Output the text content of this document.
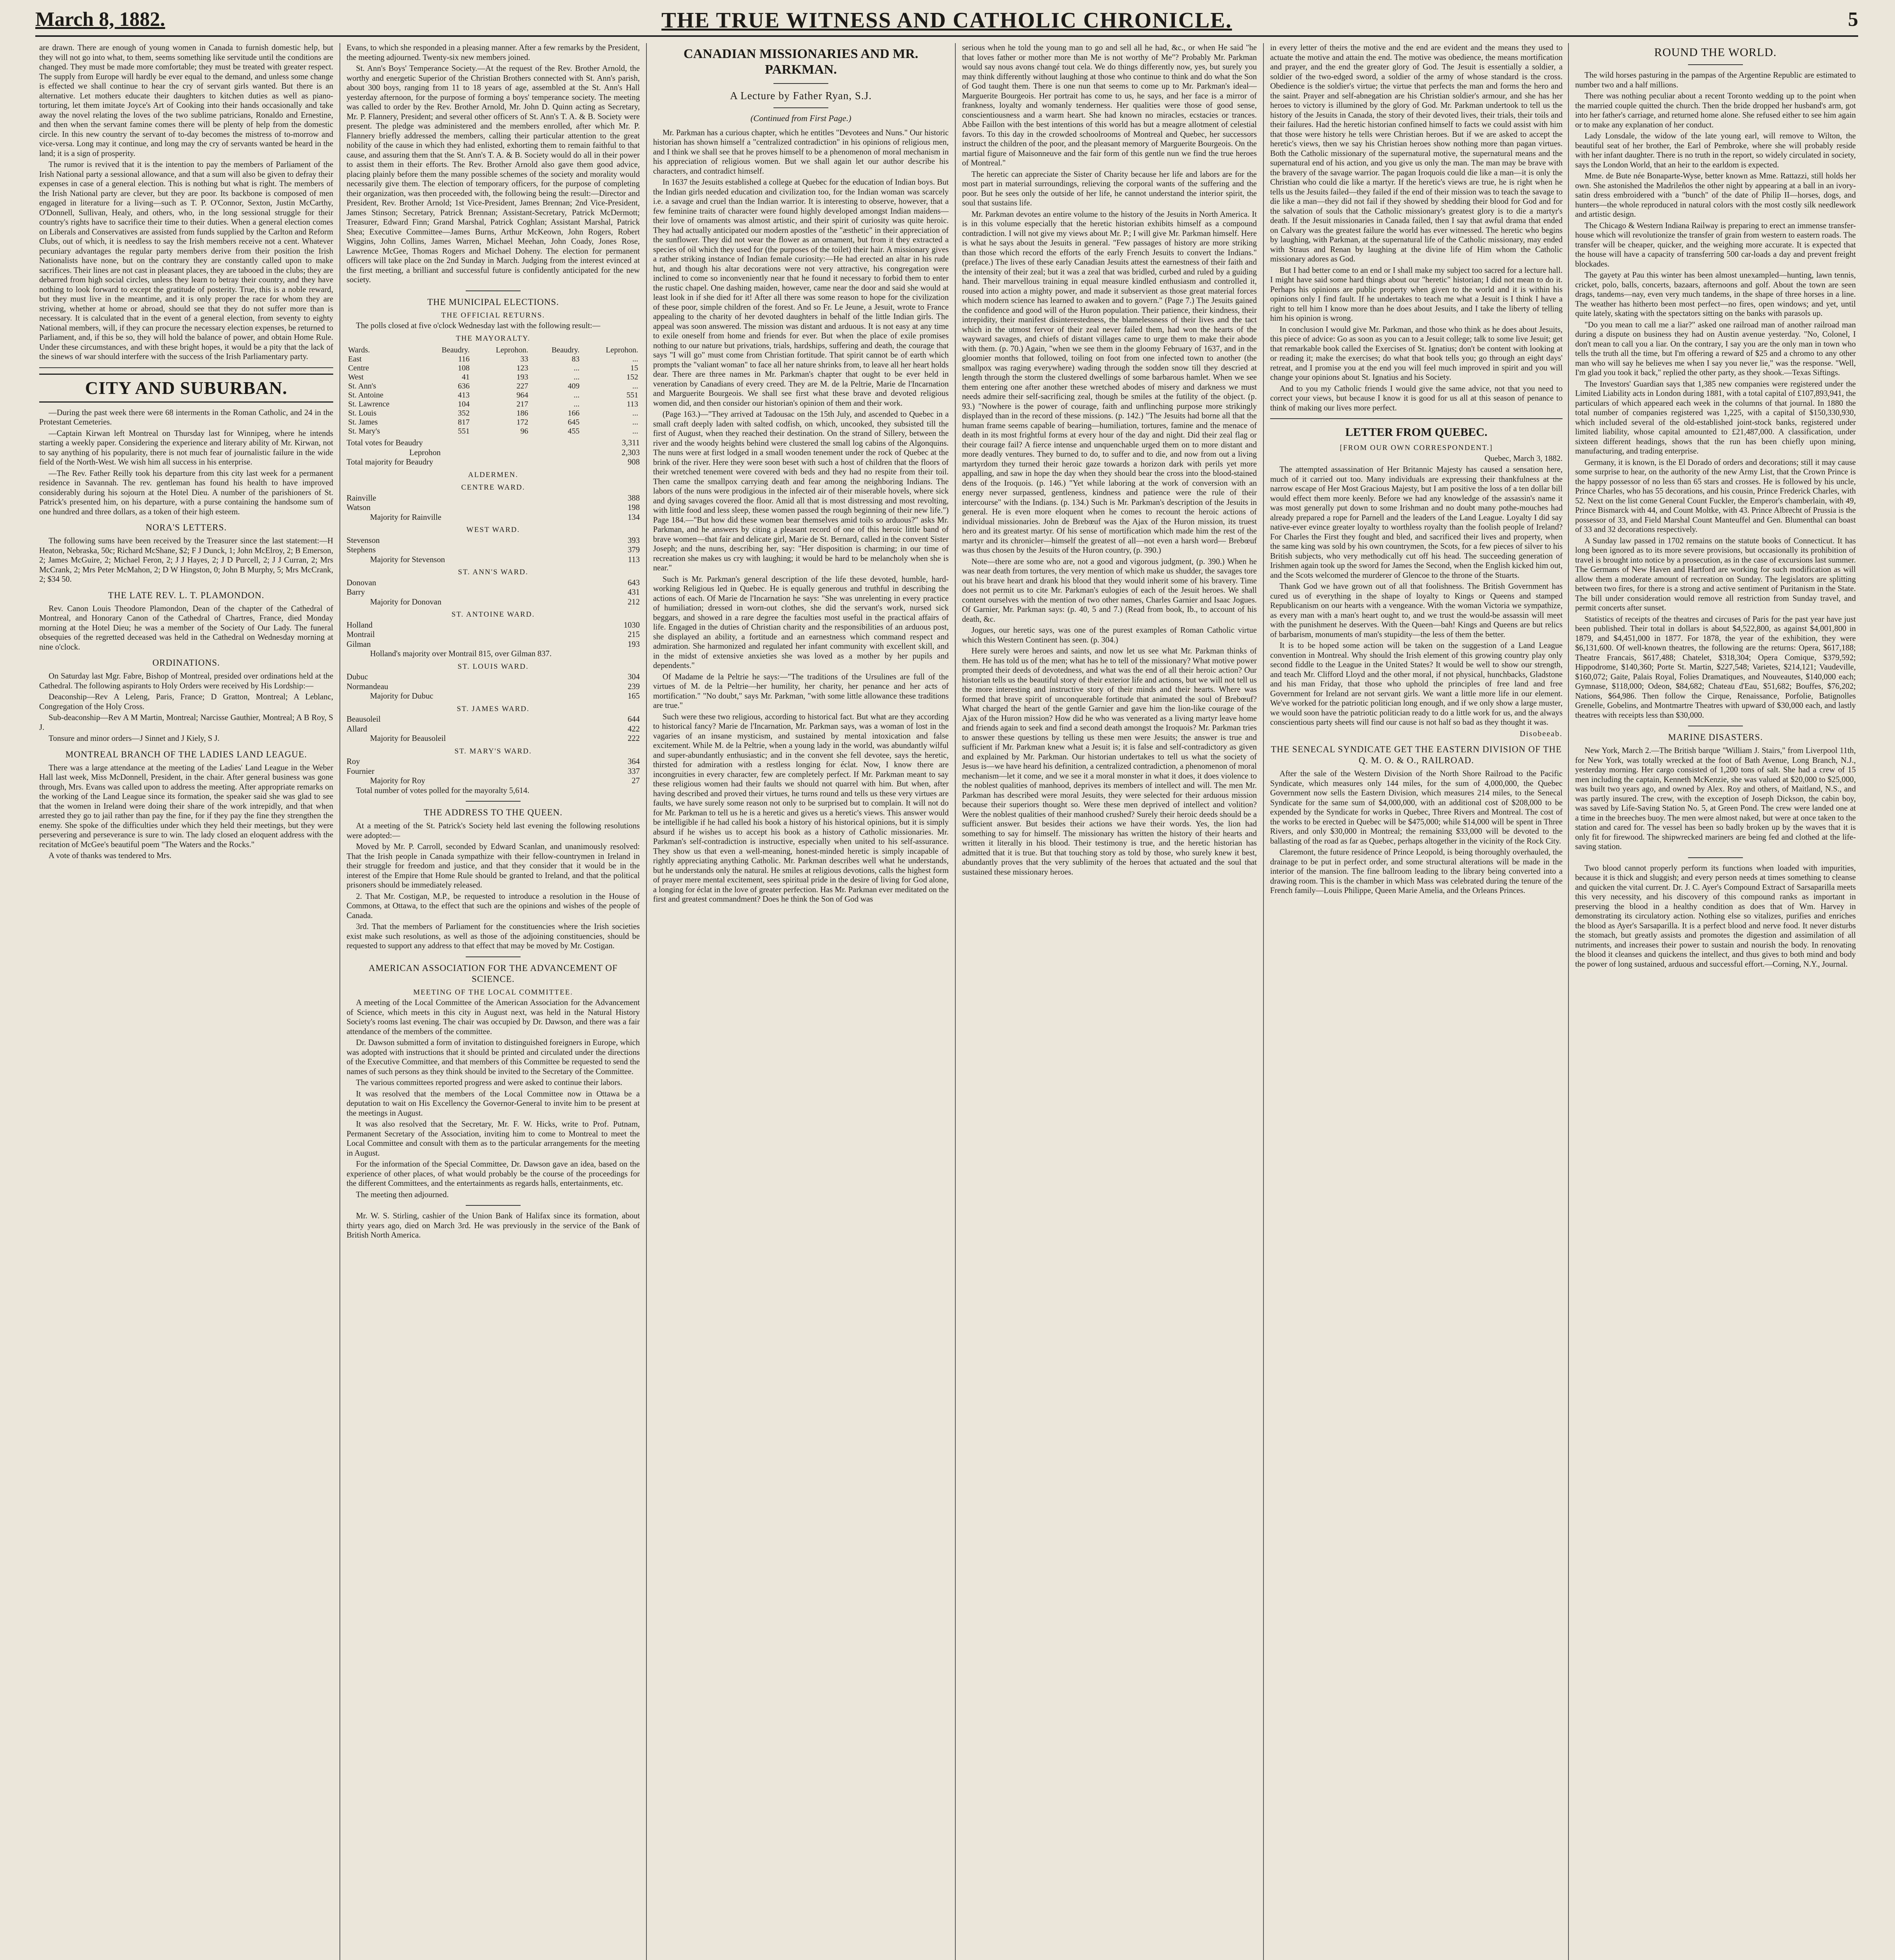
March 8, 1882.	THE TRUE WITNESS AND CATHOLIC CHRONICLE.	5

are drawn. There are enough of young women in Canada to furnish domestic help, but they will not go into what, to them, seems something like servitude until the conditions are changed. They must be made more comfortable; they must be treated with greater respect. The supply from Europe will hardly be ever equal to the demand, and unless some change is effected we shall continue to hear the cry of servant girls wanted. But there is an alternative. Let mothers educate their daughters to kitchen duties as well as piano-torturing, let them imitate Joyce's Art of Cooking into their hands occasionally and take away the novel relating the loves of the two sublime patricians, Ronaldo and Ernestine, and then when the servant famine comes there will be plenty of help from the domestic circle. In this new country the servant of to-day becomes the mistress of to-morrow and vice-versa. Long may it continue, and long may the cry of servants wanted be heard in the land; it is a sign of prosperity.

The rumor is revived that it is the intention to pay the members of Parliament of the Irish National party a sessional allowance, and that a sum will also be given to defray their expenses in case of a general election. This is nothing but what is right. The members of the Irish National party are clever, but they are poor. Its backbone is composed of men engaged in literature for a living—such as T. P. O'Connor, Sexton, Justin McCarthy, O'Donnell, Sullivan, Healy, and others, who, in the long sessional struggle for their country's rights have to sacrifice their time to their duties. When a general election comes on Liberals and Conservatives are assisted from funds supplied by the Carlton and Reform Clubs, out of which, it is needless to say the Irish members receive not a cent. Whatever pecuniary advantages the regular party members derive from their position the Irish Nationalists have none, but on the contrary they are constantly called upon to make sacrifices. Their lines are not cast in pleasant places, they are tabooed in the clubs; they are debarred from high social circles, unless they learn to betray their country, and they have nothing to look forward to except the gratitude of posterity. True, this is a noble reward, but they must live in the meantime, and it is only proper the race for whom they are striving, whether at home or abroad, should see that they do not suffer more than is necessary. It is calculated that in the event of a general election, from seventy to eighty National members, will, if they can procure the necessary election expenses, be returned to Parliament, and, if this be so, they will hold the balance of power, and obtain Home Rule. Under these circumstances, and with these bright hopes, it would be a pity that the lack of the sinews of war should interfere with the success of the Irish Parliamentary party.

CITY AND SUBURBAN.

—During the past week there were 68 interments in the Roman Catholic, and 24 in the Protestant Cemeteries.

—Captain Kirwan left Montreal on Thursday last for Winnipeg, where he intends starting a weekly paper. Considering the experience and literary ability of Mr. Kirwan, not to say anything of his popularity, there is not much fear of journalistic failure in the wide field of the North-West. We wish him all success in his enterprise.

—The Rev. Father Reilly took his departure from this city last week for a permanent residence in Savannah. The rev. gentleman has found his health to have improved considerably during his sojourn at the Hotel Dieu. A number of the parishioners of St. Patrick's presented him, on his departure, with a purse containing the handsome sum of one hundred and three dollars, as a token of their high esteem.

NORA'S LETTERS.

The following sums have been received by the Treasurer since the last statement:—H Heaton, Nebraska, 50c; Richard McShane, $2; F J Dunck, 1; John McElroy, 2; B Emerson, 2; James McGuire, 2; Michael Feron, 2; J J Hayes, 2; J D Purcell, 2; J J Curran, 2; Mrs McCrank, 2; Mrs Peter McMahon, 2; D W Hingston, 0; John B Murphy, 5; Mrs McCrank, 2; $34 50.

THE LATE REV. L. T. PLAMONDON.

Rev. Canon Louis Theodore Plamondon, Dean of the chapter of the Cathedral of Montreal, and Honorary Canon of the Cathedral of Chartres, France, died Monday morning at the Hotel Dieu; he was a member of the Society of Our Lady. The funeral obsequies of the regretted deceased was held in the Cathedral on Wednesday morning at nine o'clock.

ORDINATIONS.

On Saturday last Mgr. Fabre, Bishop of Montreal, presided over ordinations held at the Cathedral. The following aspirants to Holy Orders were received by His Lordship:—

Deaconship—Rev A Leleng, Paris, France; D Gratton, Montreal; A Leblanc, Congregation of the Holy Cross.

Sub-deaconship—Rev A M Martin, Montreal; Narcisse Gauthier, Montreal; A B Roy, S J.

Tonsure and minor orders—J Sinnet and J Kiely, S J.

MONTREAL BRANCH OF THE LADIES LAND LEAGUE.

There was a large attendance at the meeting of the Ladies' Land League in the Weber Hall last week, Miss McDonnell, President, in the chair. After general business was gone through, Mrs. Evans was called upon to address the meeting. After appropriate remarks on the working of the Land League since its formation, the speaker said she was glad to see that the women in Ireland were doing their share of the work intrepidly, and that when arrested they go to jail rather than pay the fine, for if they pay the fine they strengthen the enemy. She spoke of the difficulties under which they held their meetings, but they were persevering and perseverance is sure to win. The lady closed an eloquent address with the recitation of McGee's beautiful poem "The Waters and the Rocks."

A vote of thanks was tendered to Mrs.

Evans, to which she responded in a pleasing manner. After a few remarks by the President, the meeting adjourned. Twenty-six new members joined.

St. Ann's Boys' Temperance Society.—At the request of the Rev. Brother Arnold, the worthy and energetic Superior of the Christian Brothers connected with St. Ann's parish, about 300 boys, ranging from 11 to 18 years of age, assembled at the St. Ann's Hall yesterday afternoon, for the purpose of forming a boys' temperance society. The meeting was called to order by the Rev. Brother Arnold, Mr. John D. Quinn acting as Secretary, Mr. P. Flannery, President; and several other officers of St. Ann's T. A. & B. Society were present. The pledge was administered and the members enrolled, after which Mr. P. Flannery briefly addressed the members, calling their particular attention to the great nobility of the cause in which they had enlisted, exhorting them to remain faithful to that cause, and assuring them that the St. Ann's T. A. & B. Society would do all in their power to assist them in their efforts. The Rev. Brother Arnold also gave them good advice, placing plainly before them the many possible schemes of the society and morality would necessarily give them. The election of temporary officers, for the purpose of completing their organization, was then proceeded with, the following being the result:—Director and President, Rev. Brother Arnold; 1st Vice-President, James Brennan; 2nd Vice-President, James Stinson; Secretary, Patrick Brennan; Assistant-Secretary, Patrick McDermott; Treasurer, Edward Finn; Grand Marshal, Patrick Coghlan; Assistant Marshal, Patrick Shea; Executive Committee—James Burns, Arthur McKeown, John Rogers, Robert Wiggins, John Collins, James Warren, Michael Meehan, John Coady, Jones Rose, Lawrence McGee, Thomas Rogers and Michael Doheny. The election for permanent officers will take place on the 2nd Sunday in March. Judging from the interest evinced at the first meeting, a brilliant and successful future is confidently anticipated for the new society.

THE MUNICIPAL ELECTIONS.
THE OFFICIAL RETURNS.

The polls closed at five o'clock Wednesday last with the following result:—

THE MAYORALTY.
Wards.	Beaudry.	Leprohon.	Beaudry.	Leprohon.
East	116	33	83	...
Centre	108	123	...	15
West	41	193	...	152
St. Ann's	636	227	409	...
St. Antoine	413	964	...	551
St. Lawrence	104	217	...	113
St. Louis	352	186	166	...
St. James	817	172	645	...
St. Mary's	551	96	455	...
Total votes for Beaudry	3,311
Leprohon	2,303
Total majority for Beaudry	908
ALDERMEN.
CENTRE WARD.
Rainville	388
Watson	198
Majority for Rainville	134
WEST WARD.
Stevenson	393
Stephens	379
Majority for Stevenson	113
ST. ANN'S WARD.
Donovan	643
Barry	431
Majority for Donovan	212
ST. ANTOINE WARD.
Holland	1030
Montrail	215
Gilman	193
Holland's majority over Montrail 815, over Gilman 837.
ST. LOUIS WARD.
Dubuc	304
Normandeau	239
Majority for Dubuc	165
ST. JAMES WARD.
Beausoleil	644
Allard	422
Majority for Beausoleil	222
ST. MARY'S WARD.
Roy	364
Fournier	337
Majority for Roy	27

Total number of votes polled for the mayoralty 5,614.

THE ADDRESS TO THE QUEEN.

At a meeting of the St. Patrick's Society held last evening the following resolutions were adopted:—

Moved by Mr. P. Carroll, seconded by Edward Scanlan, and unanimously resolved: That the Irish people in Canada sympathize with their fellow-countrymen in Ireland in their struggle for freedom and justice, and that they consider that it would be in the interest of the Empire that Home Rule should be granted to Ireland, and that the political prisoners should be immediately released.

2. That Mr. Costigan, M.P., be requested to introduce a resolution in the House of Commons, at Ottawa, to the effect that such are the opinions and wishes of the people of Canada.

3rd. That the members of Parliament for the constituencies where the Irish societies exist make such resolutions, as well as those of the adjoining constituencies, should be requested to support any address to that effect that may be moved by Mr. Costigan.

AMERICAN ASSOCIATION FOR THE ADVANCEMENT OF SCIENCE.
MEETING OF THE LOCAL COMMITTEE.

A meeting of the Local Committee of the American Association for the Advancement of Science, which meets in this city in August next, was held in the Natural History Society's rooms last evening. The chair was occupied by Dr. Dawson, and there was a fair attendance of the members of the committee.

Dr. Dawson submitted a form of invitation to distinguished foreigners in Europe, which was adopted with instructions that it should be printed and circulated under the directions of the Executive Committee, and that members of this Committee be requested to send the names of such persons as they think should be invited to the Secretary of the Committee.

The various committees reported progress and were asked to continue their labors.

It was resolved that the members of the Local Committee now in Ottawa be a deputation to wait on His Excellency the Governor-General to invite him to be present at the meetings in August.

It was also resolved that the Secretary, Mr. F. W. Hicks, write to Prof. Putnam, Permanent Secretary of the Association, inviting him to come to Montreal to meet the Local Committee and consult with them as to the particular arrangements for the meeting in August.

For the information of the Special Committee, Dr. Dawson gave an idea, based on the experience of other places, of what would probably be the course of the proceedings for the different Committees, and the entertainments as regards halls, entertainments, etc.

The meeting then adjourned.

Mr. W. S. Stirling, cashier of the Union Bank of Halifax since its formation, about thirty years ago, died on March 3rd. He was previously in the service of the Bank of British North America.

CANADIAN MISSIONARIES AND MR. PARKMAN.
A Lecture by Father Ryan, S.J.
(Continued from First Page.)

Mr. Parkman has a curious chapter, which he entitles "Devotees and Nuns." Our historic historian has shown himself a "centralized contradiction" in his opinions of religious men, and I think we shall see that he proves himself to be a phenomenon of moral mechanism in his appreciation of religious women. But we shall again let our author describe his characters, and contradict himself.

In 1637 the Jesuits established a college at Quebec for the education of Indian boys. But the Indian girls needed education and civilization too, for the Indian woman was scarcely i.e. a savage and cruel than the Indian warrior. It is interesting to observe, however, that a few feminine traits of character were found highly developed amongst Indian maidens—their love of ornaments was almost artistic, and their spirit of curiosity was quite heroic. They had actually anticipated our modern apostles of the "æsthetic" in their appreciation of the sunflower. They did not wear the flower as an ornament, but from it they extracted a species of oil which they used for (the purposes of the toilet) their hair. A missionary gives a rather striking instance of Indian female curiosity:—He had erected an altar in his rude hut, and though his altar decorations were not very attractive, his congregation were inclined to come so inconveniently near that he found it necessary to forbid them to enter the rustic chapel. One dashing maiden, however, came near the door and said she would at least look in if she died for it! After all there was some reason to hope for the civilization of these poor, simple children of the forest. And so Fr. Le Jeune, a Jesuit, wrote to France appealing to the charity of her devoted daughters in behalf of the little Indian girls. The appeal was soon answered. The mission was distant and arduous. It is not easy at any time to exile oneself from home and friends for ever. But when the place of exile promises nothing to our nature but privations, trials, hardships, suffering and death, the courage that says "I will go" must come from Christian fortitude. That spirit cannot be of earth which prompts the "valiant woman" to face all her nature shrinks from, to leave all her heart holds dear. There are three names in Mr. Parkman's chapter that ought to be ever held in veneration by Canadians of every creed. They are M. de la Peltrie, Marie de l'Incarnation and Marguerite Bourgeois. We shall see first what these brave and devoted religious women did, and then consider our historian's opinion of them and their work.

(Page 163.)—"They arrived at Tadousac on the 15th July, and ascended to Quebec in a small craft deeply laden with salted codfish, on which, uncooked, they subsisted till the first of August, when they reached their destination. On the strand of Sillery, between the river and the woody heights behind were clustered the small log cabins of the Algonquins. The nuns were at first lodged in a small wooden tenement under the rock of Quebec at the brink of the river. Here they were soon beset with such a host of children that the floors of their wretched tenement were covered with beds and they had no respite from their toil. Then came the smallpox carrying death and fear among the neighboring Indians. The labors of the nuns were prodigious in the infected air of their miserable hovels, where sick and dying savages covered the floor. Amid all that is most distressing and most revolting, with little food and less sleep, these women passed the rough beginning of their new life.") Page 184.—"But how did these women bear themselves amid toils so arduous?" asks Mr. Parkman, and he answers by citing a pleasant record of one of this heroic little band of brave women—that fair and delicate girl, Marie de St. Bernard, called in the convent Sister Joseph; and the nuns, describing her, say: "Her disposition is charming; in our time of recreation she makes us cry with laughing; it would be hard to be melancholy when she is near."

Such is Mr. Parkman's general description of the life these devoted, humble, hard-working Religious led in Quebec. He is equally generous and truthful in describing the actions of each. Of Marie de l'Incarnation he says: "She was unrelenting in every practice of humiliation; dressed in worn-out clothes, she did the servant's work, nursed sick beggars, and showed in a rare degree the faculties most useful in the practical affairs of life. Engaged in the duties of Christian charity and the responsibilities of an arduous post, she displayed an ability, a fortitude and an earnestness which command respect and admiration. She harmonized and regulated her infant community with excellent skill, and in the midst of extensive anxieties she was loved as a mother by her pupils and dependents."

Of Madame de la Peltrie he says:—"The traditions of the Ursulines are full of the virtues of M. de la Peltrie—her humility, her charity, her penance and her acts of mortification." "No doubt," says Mr. Parkman, "with some little allowance these traditions are true."

Such were these two religious, according to historical fact. But what are they according to historical fancy? Marie de l'Incarnation, Mr. Parkman says, was a woman of lost in the vagaries of an insane mysticism, and sustained by mental intoxication and false excitement. While M. de la Peltrie, when a young lady in the world, was abundantly wilful and super-abundantly enthusiastic; and in the convent she fell devotee, says the heretic, thirsted for admiration with a restless longing for éclat. Now, I know there are incongruities in every character, few are completely perfect. If Mr. Parkman meant to say these religious women had their faults we should not quarrel with him. But when, after having described and proved their virtues, he turns round and tells us these very virtues are faults, we have surely some reason not only to be surprised but to complain. It will not do for Mr. Parkman to tell us he is a heretic and gives us a heretic's views. This answer would be intelligible if he had called his book a history of his historical opinions, but it is simply absurd if he wishes us to accept his book as a history of Catholic missionaries. Mr. Parkman's self-contradiction is instructive, especially when united to his self-assurance. They show us that even a well-meaning, honest-minded heretic is simply incapable of rightly appreciating anything Catholic. Mr. Parkman describes well what he understands, but he understands only the natural. He smiles at religious devotions, calls the highest form of prayer mere mental excitement, sees spiritual pride in the desire of living for God alone, a longing for éclat in the love of greater perfection. Has Mr. Parkman ever meditated on the first and greatest commandment? Does he think the Son of God was

serious when he told the young man to go and sell all he had, &c., or when He said "he that loves father or mother more than Me is not worthy of Me"? Probably Mr. Parkman would say nous avons changé tout cela. We do things differently now, yes, but surely you may think differently without laughing at those who continue to think and do what the Son of God taught them. There is one nun that seems to come up to Mr. Parkman's ideal—Marguerite Bourgeois. Her portrait has come to us, he says, and her face is a mirror of frankness, loyalty and womanly tenderness. Her qualities were those of good sense, conscientiousness and a warm heart. She had known no miracles, ecstacies or trances. Abbe Faillon with the best intentions of this world has but a meagre allotment of celestial favors. To this day in the crowded schoolrooms of Montreal and Quebec, her successors instruct the children of the poor, and the pleasant memory of Marguerite Bourgeois. On the martial figure of Maisonneuve and the fair form of this gentle nun we find the true heroes of Montreal."

The heretic can appreciate the Sister of Charity because her life and labors are for the most part in material surroundings, relieving the corporal wants of the suffering and the poor. But he sees only the outside of her life, he cannot understand the interior spirit, the soul that sustains life.

Mr. Parkman devotes an entire volume to the history of the Jesuits in North America. It is in this volume especially that the heretic historian exhibits himself as a compound contradiction. I will not give my views about Mr. P.; I will give Mr. Parkman himself. Here is what he says about the Jesuits in general. "Few passages of history are more striking than those which record the efforts of the early French Jesuits to convert the Indians." (preface.) The lives of these early Canadian Jesuits attest the earnestness of their faith and the intensity of their zeal; but it was a zeal that was bridled, curbed and ruled by a guiding hand. Their marvellous training in equal measure kindled enthusiasm and controlled it, roused into action a mighty power, and made it subservient as those great material forces which modern science has learned to awaken and to govern." (Page 7.) The Jesuits gained the confidence and good will of the Huron population. Their patience, their kindness, their intrepidity, their manifest disinterestedness, the blamelessness of their lives and the tact which in the utmost fervor of their zeal never failed them, had won the hearts of the wayward savages, and chiefs of distant villages came to urge them to make their abode with them. (p. 70.) Again, "when we see them in the gloomy February of 1637, and in the gloomier months that followed, toiling on foot from one infected town to another (the smallpox was raging everywhere) wading through the sodden snow till they descried at length through the storm the clustered dwellings of some barbarous hamlet. When we see them entering one after another these wretched abodes of misery and darkness we must needs admire their self-sacrificing zeal, though be smiles at the futility of the object. (p. 93.) "Nowhere is the power of courage, faith and unflinching purpose more strikingly displayed than in the record of these missions. (p. 142.) "The Jesuits had borne all that the human frame seems capable of bearing—humiliation, tortures, famine and the menace of death in its most frightful forms at every hour of the day and night. Did their zeal flag or their courage fail? A fierce intense and unquenchable urged them on to more distant and more deadly ventures. They burned to do, to suffer and to die, and now from out a living martyrdom they turned their heroic gaze towards a horizon dark with perils yet more appalling, and saw in hope the day when they should bear the cross into the blood-stained dens of the Iroquois. (p. 146.) "Yet while laboring at the work of conversion with an energy never surpassed, gentleness, kindness and patience were the rule of their intercourse" with the Indians. (p. 134.) Such is Mr. Parkman's description of the Jesuits in general. He is even more eloquent when he comes to recount the heroic actions of individual missionaries. John de Brebœuf was the Ajax of the Huron mission, its truest hero and its greatest martyr. Of his sense of mortification which made him the rest of the martyr and its chronicler—himself the greatest of all—not even a harsh word— Brebœuf was thus chosen by the Jesuits of the Huron country, (p. 390.)

Note—there are some who are, not a good and vigorous judgment, (p. 390.) When he was near death from tortures, the very mention of which make us shudder, the savages tore out his brave heart and drank his blood that they would inherit some of his bravery. Time does not permit us to cite Mr. Parkman's eulogies of each of the Jesuit heroes. We shall content ourselves with the mention of two other names, Charles Garnier and Isaac Jogues. Of Garnier, Mr. Parkman says: (p. 40, 5 and 7.) (Read from book, Ib., to account of his death, &c.

Jogues, our heretic says, was one of the purest examples of Roman Catholic virtue which this Western Continent has seen. (p. 304.)

Here surely were heroes and saints, and now let us see what Mr. Parkman thinks of them. He has told us of the men; what has he to tell of the missionary? What motive power prompted their deeds of devotedness, and what was the end of all their heroic action? Our historian tells us the beautiful story of their exterior life and actions, but we will not tell us the more interesting and instructive story of their minds and their hearts. Where was formed that brave spirit of unconquerable fortitude that animated the soul of Brebœuf? What charged the heart of the gentle Garnier and gave him the lion-like courage of the Ajax of the Huron mission? How did he who was venerated as a living martyr leave home and friends again to seek and find a second death amongst the Iroquois? Mr. Parkman tries to answer these questions by telling us these men were Jesuits; the answer is true and sufficient if Mr. Parkman knew what a Jesuit is; it is false and self-contradictory as given and explained by Mr. Parkman. Our historian undertakes to tell us what the society of Jesus is—we have heard his definition, a centralized contradiction, a phenomenon of moral mechanism—let it come, and we see it a moral monster in what it does, it does violence to the noblest qualities of manhood, deprives its members of intellect and will. The men Mr. Parkman has described were moral Jesuits, they were selected for their arduous mission because their superiors thought so. Were these men deprived of intellect and volition? Were the noblest qualities of their manhood crushed? Surely their heroic deeds should be a sufficient answer. But besides their actions we have their words. Yes, the lion had something to say for himself. The missionary has written the history of their hearts and written it literally in his blood. Their testimony is true, and the heretic historian has admitted that it is true. But that touching story as told by those, who surely knew it best, abundantly proves that the very sublimity of the heroes that actuated and the soul that sustained these missionary heroes.

in every letter of theirs the motive and the end are evident and the means they used to actuate the motive and attain the end. The motive was obedience, the means mortification and prayer, and the end the greater glory of God. The Jesuit is essentially a soldier, a soldier of the two-edged sword, a soldier of the army of whose standard is the cross. Obedience is the soldier's virtue; the virtue that perfects the man and forms the hero and the saint. Prayer and self-abnegation are his Christian soldier's armour, and she has her heroes to victory is illumined by the glory of God. Mr. Parkman undertook to tell us the history of the Jesuits in Canada, the story of their devoted lives, their trials, their toils and their failures. Had the heretic historian confined himself to facts we could assist with him that those were history he tells were Christian heroes. But if we are asked to accept the heretic's views, then we say his Christian heroes show nothing more than pagan virtues. Both the Catholic missionary of the supernatural motive, the supernatural means and the supernatural end of his action, and you give us only the man. The man may be brave with the bravery of the savage warrior. The pagan Iroquois could die like a man—it is only the Christian who could die like a martyr. If the heretic's views are true, he is right when he tells us the Jesuits failed—they failed if the end of their mission was to teach the savage to die like a man—they did not fail if they showed by shedding their blood for God and for the salvation of souls that the Catholic missionary's greatest glory is to die a martyr's death. If the Jesuit missionaries in Canada failed, then I say that awful drama that ended on Calvary was the greatest failure the world has ever witnessed. The heretic who begins by laughing, with Parkman, at the supernatural life of the Catholic missionary, may ended with Straus and Renan by laughing at the divine life of Him whom the Catholic missionary adores as God.

But I had better come to an end or I shall make my subject too sacred for a lecture hall. I might have said some hard things about our "heretic" historian; I did not mean to do it. Perhaps his opinions are public property when given to the world and it is within his opinions only I find fault. If he undertakes to teach me what a Jesuit is I think I have a right to tell him I know more than he does about Jesuits, and I take the liberty of telling him his opinion is wrong.

In conclusion I would give Mr. Parkman, and those who think as he does about Jesuits, this piece of advice: Go as soon as you can to a Jesuit college; talk to some live Jesuit; get that remarkable book called the Exercises of St. Ignatius; don't be content with looking at or reading it; make the exercises; do what that book tells you; go through an eight days' retreat, and I promise you at the end you will feel much improved in spirit and you will change your opinions about St. Ignatius and his Society.

And to you my Catholic friends I would give the same advice, not that you need to correct your views, but because I know it is good for us all at this season of penance to think of making our lives more perfect.

LETTER FROM QUEBEC.
[FROM OUR OWN CORRESPONDENT.]

Quebec, March 3, 1882.

The attempted assassination of Her Britannic Majesty has caused a sensation here, much of it carried out too. Many individuals are expressing their thankfulness at the narrow escape of Her Most Gracious Majesty, but I am positive the loss of a ten dollar bill would effect them more keenly. Before we had any knowledge of the assassin's name it was most generally put down to some Irishman and no doubt many pothe-mouches had already prepared a rope for Parnell and the leaders of the Land League. Loyalty I did say native-ever evince greater loyalty to worthless royalty than the foolish people of Ireland? For Charles the First they fought and bled, and sacrificed their lives and property, when the same king was sold by his own countrymen, the Scots, for a few pieces of silver to his British subjects, who very methodically cut off his head. The succeeding generation of Irishmen again took up the sword for James the Second, when the English kicked him out, and the Scots welcomed the murderer of Glencoe to the throne of the Stuarts.

Thank God we have grown out of all that foolishness. The British Government has cured us of everything in the shape of loyalty to Kings or Queens and stamped Republicanism on our hearts with a vengeance. With the woman Victoria we sympathize, as every man with a man's heart ought to, and we trust the would-be assassin will meet with the punishment he deserves. With the Queen—bah! Kings and Queens are but relics of barbarism, monuments of man's stupidity—the less of them the better.

It is to be hoped some action will be taken on the suggestion of a Land League convention in Montreal. Why should the Irish element of this growing country play only second fiddle to the League in the United States? It would be well to show our strength, and teach Mr. Clifford Lloyd and the other moral, if not physical, hunchbacks, Gladstone and his man Friday, that those who uphold the principles of free land and free Government for Ireland are not servant girls. We want a little more life in our element. We've worked for the patriotic politician long enough, and if we only show a large muster, we would soon have the patriotic politician ready to do a little work for us, and the always conscientious party sheets will find our cause is not half so bad as they thought it was.

Disobeeab.
THE SENECAL SYNDICATE GET THE EASTERN DIVISION OF THE Q. M. O. & O., RAILROAD.

After the sale of the Western Division of the North Shore Railroad to the Pacific Syndicate, which measures only 144 miles, for the sum of 4,000,000, the Quebec Government now sells the Eastern Division, which measures 214 miles, to the Senecal Syndicate for the same sum of $4,000,000, with an additional cost of $208,000 to be expended by the Syndicate for works in Quebec, Three Rivers and Montreal. The cost of the works to be erected in Quebec will be $475,000; while $14,000 will be spent in Three Rivers, and only $30,000 in Montreal; the remaining $33,000 will be devoted to the ballasting of the road as far as Quebec, perhaps altogether in the vicinity of the Rock City.

Claremont, the future residence of Prince Leopold, is being thoroughly overhauled, the drainage to be put in perfect order, and some structural alterations will be made in the interior of the mansion. The fine ballroom leading to the library being converted into a drawing room. This is the chamber in which Mass was celebrated during the tenure of the French family—Louis Philippe, Queen Marie Amelia, and the Orleans Princes.

ROUND THE WORLD.

The wild horses pasturing in the pampas of the Argentine Republic are estimated to number two and a half millions.

There was nothing peculiar about a recent Toronto wedding up to the point when the married couple quitted the church. Then the bride dropped her husband's arm, got into her father's carriage, and returned home alone. She refused either to see him again or to make any explanation of her conduct.

Lady Lonsdale, the widow of the late young earl, will remove to Wilton, the beautiful seat of her brother, the Earl of Pembroke, where she will probably reside with her infant daughter. There is no truth in the report, so widely circulated in society, says the London World, that an heir to the earldom is expected.

Mme. de Bute née Bonaparte-Wyse, better known as Mme. Rattazzi, still holds her own. She astonished the Madrileños the other night by appearing at a ball in an ivory-satin dress embroidered with a "bunch" of the date of Philip II—horses, dogs, and hunters—the whole reproduced in natural colors with the most costly silk needlework and artistic design.

The Chicago & Western Indiana Railway is preparing to erect an immense transfer-house which will revolutionize the transfer of grain from western to eastern roads. The transfer will be cheaper, quicker, and the weighing more accurate. It is expected that the house will have a capacity of transferring 500 car-loads a day and prevent freight blockades.

The gayety at Pau this winter has been almost unexampled—hunting, lawn tennis, cricket, polo, balls, concerts, bazaars, afternoons and golf. About the town are seen drags, tandems—nay, even very much tandems, in the shape of three horses in a line. The weather has hitherto been most perfect—no fires, open windows; and yet, until quite lately, skating with the spectators sitting on the banks with parasols up.

"Do you mean to call me a liar?" asked one railroad man of another railroad man during a dispute on business they had on Austin avenue yesterday. "No, Colonel, I don't mean to call you a liar. On the contrary, I say you are the only man in town who tells the truth all the time, but I'm offering a reward of $25 and a chromo to any other man who will say he believes me when I say you never lie," was the response. "Well, I'm glad you took it back," replied the other party, as they shook.—Texas Siftings.

The Investors' Guardian says that 1,385 new companies were registered under the Limited Liability acts in London during 1881, with a total capital of £107,893,941, the particulars of which appeared each week in the columns of that journal. In 1880 the total number of companies registered was 1,225, with a capital of $150,330,930, which included several of the old-established joint-stock banks, registered under limited liability, whose capital amounted to £21,487,000. A classification, under sixteen different headings, shows that the run has been chiefly upon mining, manufacturing, and trading enterprise.

Germany, it is known, is the El Dorado of orders and decorations; still it may cause some surprise to hear, on the authority of the new Army List, that the Crown Prince is the happy possessor of no less than 65 stars and crosses. He is followed by his uncle, Prince Charles, who has 55 decorations, and his cousin, Prince Frederick Charles, with 52. Next on the list come General Count Fuckler, the Emperor's chamberlain, with 49, Prince Bismarck with 44, and Count Moltke, with 43. Prince Albrecht of Prussia is the possessor of 33, and Field Marshal Count Manteuffel and Gen. Blumenthal can boast of 33 and 32 decorations respectively.

A Sunday law passed in 1702 remains on the statute books of Connecticut. It has long been ignored as to its more severe provisions, but occasionally its prohibition of travel is brought into notice by a prosecution, as in the case of excursions last summer. The Germans of New Haven and Hartford are working for such modification as will allow them a moderate amount of recreation on Sunday. The legislators are splitting between two fires, for there is a strong and active sentiment of Puritanism in the State. The bill under consideration would remove all restriction from Sunday travel, and permit concerts after sunset.

Statistics of receipts of the theatres and circuses of Paris for the past year have just been published. Their total in dollars is about $4,522,800, as against $4,001,800 in 1879, and $4,451,000 in 1877. For 1878, the year of the exhibition, they were $6,131,600. Of well-known theatres, the following are the returns: Opera, $617,188; Theatre Francais, $617,488; Chatelet, $318,304; Opera Comique, $379,592; Hippodrome, $140,360; Porte St. Martin, $227,548; Varietes, $214,121; Vaudeville, $160,072; Gaite, Palais Royal, Folies Dramatiques, and Nouveautes, $140,000 each; Gymnase, $118,000; Odeon, $84,682; Chateau d'Eau, $51,682; Bouffes, $76,202; Nations, $64,986. Then follow the Cirque, Renaissance, Porfolie, Batignolles Grenelle, Gobelins, and Montmartre Theatres with upward of $30,000 each, and lastly theatres with receipts less than $30,000.

MARINE DISASTERS.

New York, March 2.—The British barque "William J. Stairs," from Liverpool 11th, for New York, was totally wrecked at the foot of Bath Avenue, Long Branch, N.J., yesterday morning. Her cargo consisted of 1,200 tons of salt. She had a crew of 15 men including the captain, Kenneth McKenzie, she was valued at $20,000 to $25,000, was built two years ago, and owned by Alex. Roy and others, of Maitland, N.S., and was partly insured. The crew, with the exception of Joseph Dickson, the cabin boy, was saved by Life-Saving Station No. 5, at Green Pond. The crew were landed one at a time in the breeches buoy. The men were almost naked, but were at once taken to the station and cared for. The vessel has been so badly broken up by the waves that it is only fit for firewood. The shipwrecked mariners are being fed and clothed at the life-saving station.

Two blood cannot properly perform its functions when loaded with impurities, because it is thick and sluggish; and every person needs at times something to cleanse and quicken the vital current. Dr. J. C. Ayer's Compound Extract of Sarsaparilla meets this very necessity, and his discovery of this compound ranks as important in preserving the blood in a healthy condition as does that of Wm. Harvey in demonstrating its circulatory action. Nothing else so vitalizes, purifies and enriches the blood as Ayer's Sarsaparilla. It is a perfect blood and nerve food. It never disturbs the stomach, but greatly assists and promotes the digestion and assimilation of all nutriments, and increases their power to sustain and nourish the body. In renovating the blood it cleanses and quickens the intellect, and thus gives to both mind and body the power of long sustained, arduous and successful effort.—Corning, N.Y., Journal.
